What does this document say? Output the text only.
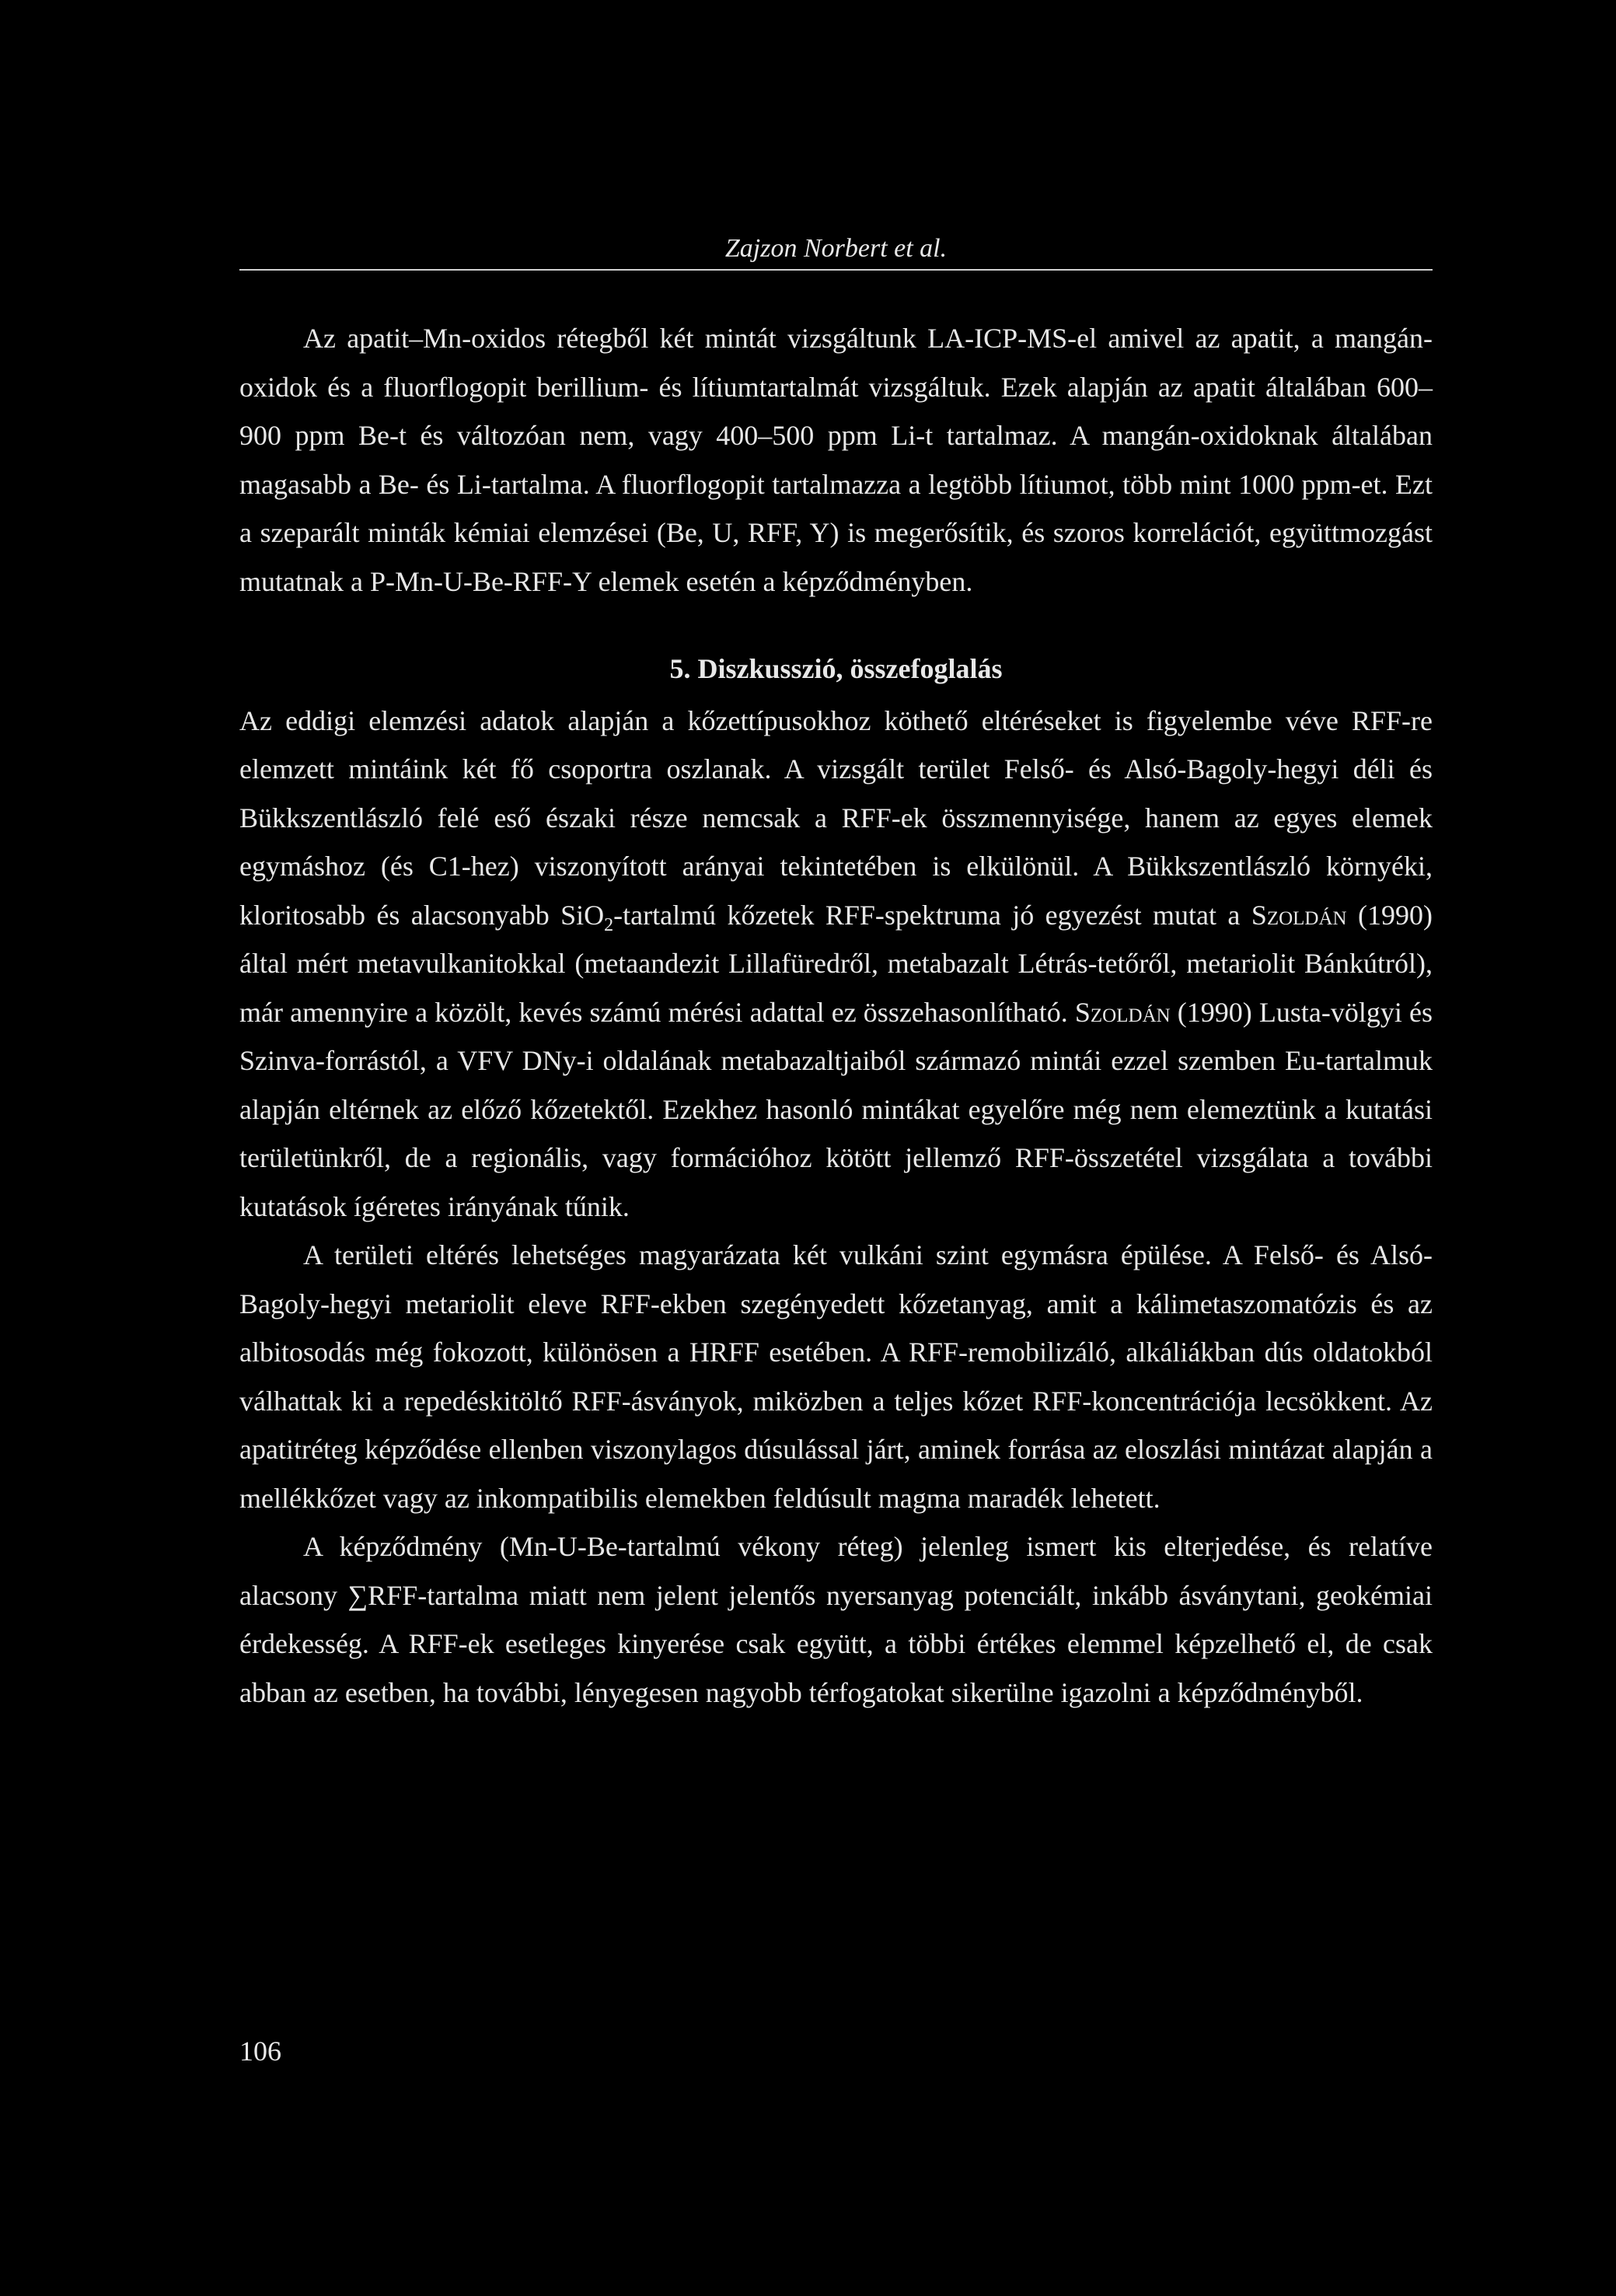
Zajzon Norbert et al.

Az apatit–Mn-oxidos rétegből két mintát vizsgáltunk LA-ICP-MS-el amivel az apatit, a mangán-oxidok és a fluorflogopit berillium- és lítiumtartalmát vizsgáltuk. Ezek alapján az apatit általában 600–900 ppm Be-t és változóan nem, vagy 400–500 ppm Li-t tartalmaz. A mangán-oxidoknak általában magasabb a Be- és Li-tartalma. A fluorflogopit tartalmazza a legtöbb lítiumot, több mint 1000 ppm-et. Ezt a szeparált minták kémiai elemzései (Be, U, RFF, Y) is megerősítik, és szoros korrelációt, együttmozgást mutatnak a P-Mn-U-Be-RFF-Y elemek esetén a képződményben.

5. Diszkusszió, összefoglalás

Az eddigi elemzési adatok alapján a kőzettípusokhoz köthető eltéréseket is figyelembe véve RFF-re elemzett mintáink két fő csoportra oszlanak. A vizsgált terület Felső- és Alsó-Bagoly-hegyi déli és Bükkszentlászló felé eső északi része nemcsak a RFF-ek összmennyisége, hanem az egyes elemek egymáshoz (és C1-hez) viszonyított arányai tekintetében is elkülönül. A Bükkszentlászló környéki, kloritosabb és alacsonyabb SiO$_2$-tartalmú kőzetek RFF-spektruma jó egyezést mutat a Szoldán (1990) által mért metavulkanitokkal (metaandezit Lillafüredről, metabazalt Létrás-tetőről, metariolit Bánkútról), már amennyire a közölt, kevés számú mérési adattal ez összehasonlítható. Szoldán (1990) Lusta-völgyi és Szinva-forrástól, a VFV DNy-i oldalának metabazaltjaiból származó mintái ezzel szemben Eu-tartalmuk alapján eltérnek az előző kőzetektől. Ezekhez hasonló mintákat egyelőre még nem elemeztünk a kutatási területünkről, de a regionális, vagy formációhoz kötött jellemző RFF-összetétel vizsgálata a további kutatások ígéretes irányának tűnik.

A területi eltérés lehetséges magyarázata két vulkáni szint egymásra épülése. A Felső- és Alsó-Bagoly-hegyi metariolit eleve RFF-ekben szegényedett kőzetanyag, amit a kálimetaszomatózis és az albitosodás még fokozott, különösen a HRFF esetében. A RFF-remobilizáló, alkáliákban dús oldatokból válhattak ki a repedéskitöltő RFF-ásványok, miközben a teljes kőzet RFF-koncentrációja lecsökkent. Az apatitréteg képződése ellenben viszonylagos dúsulással járt, aminek forrása az eloszlási mintázat alapján a mellékkőzet vagy az inkompatibilis elemekben feldúsult magma maradék lehetett.

A képződmény (Mn-U-Be-tartalmú vékony réteg) jelenleg ismert kis elterjedése, és relatíve alacsony ∑RFF-tartalma miatt nem jelent jelentős nyersanyag potenciált, inkább ásványtani, geokémiai érdekesség. A RFF-ek esetleges kinyerése csak együtt, a többi értékes elemmel képzelhető el, de csak abban az esetben, ha további, lényegesen nagyobb térfogatokat sikerülne igazolni a képződményből.

106
